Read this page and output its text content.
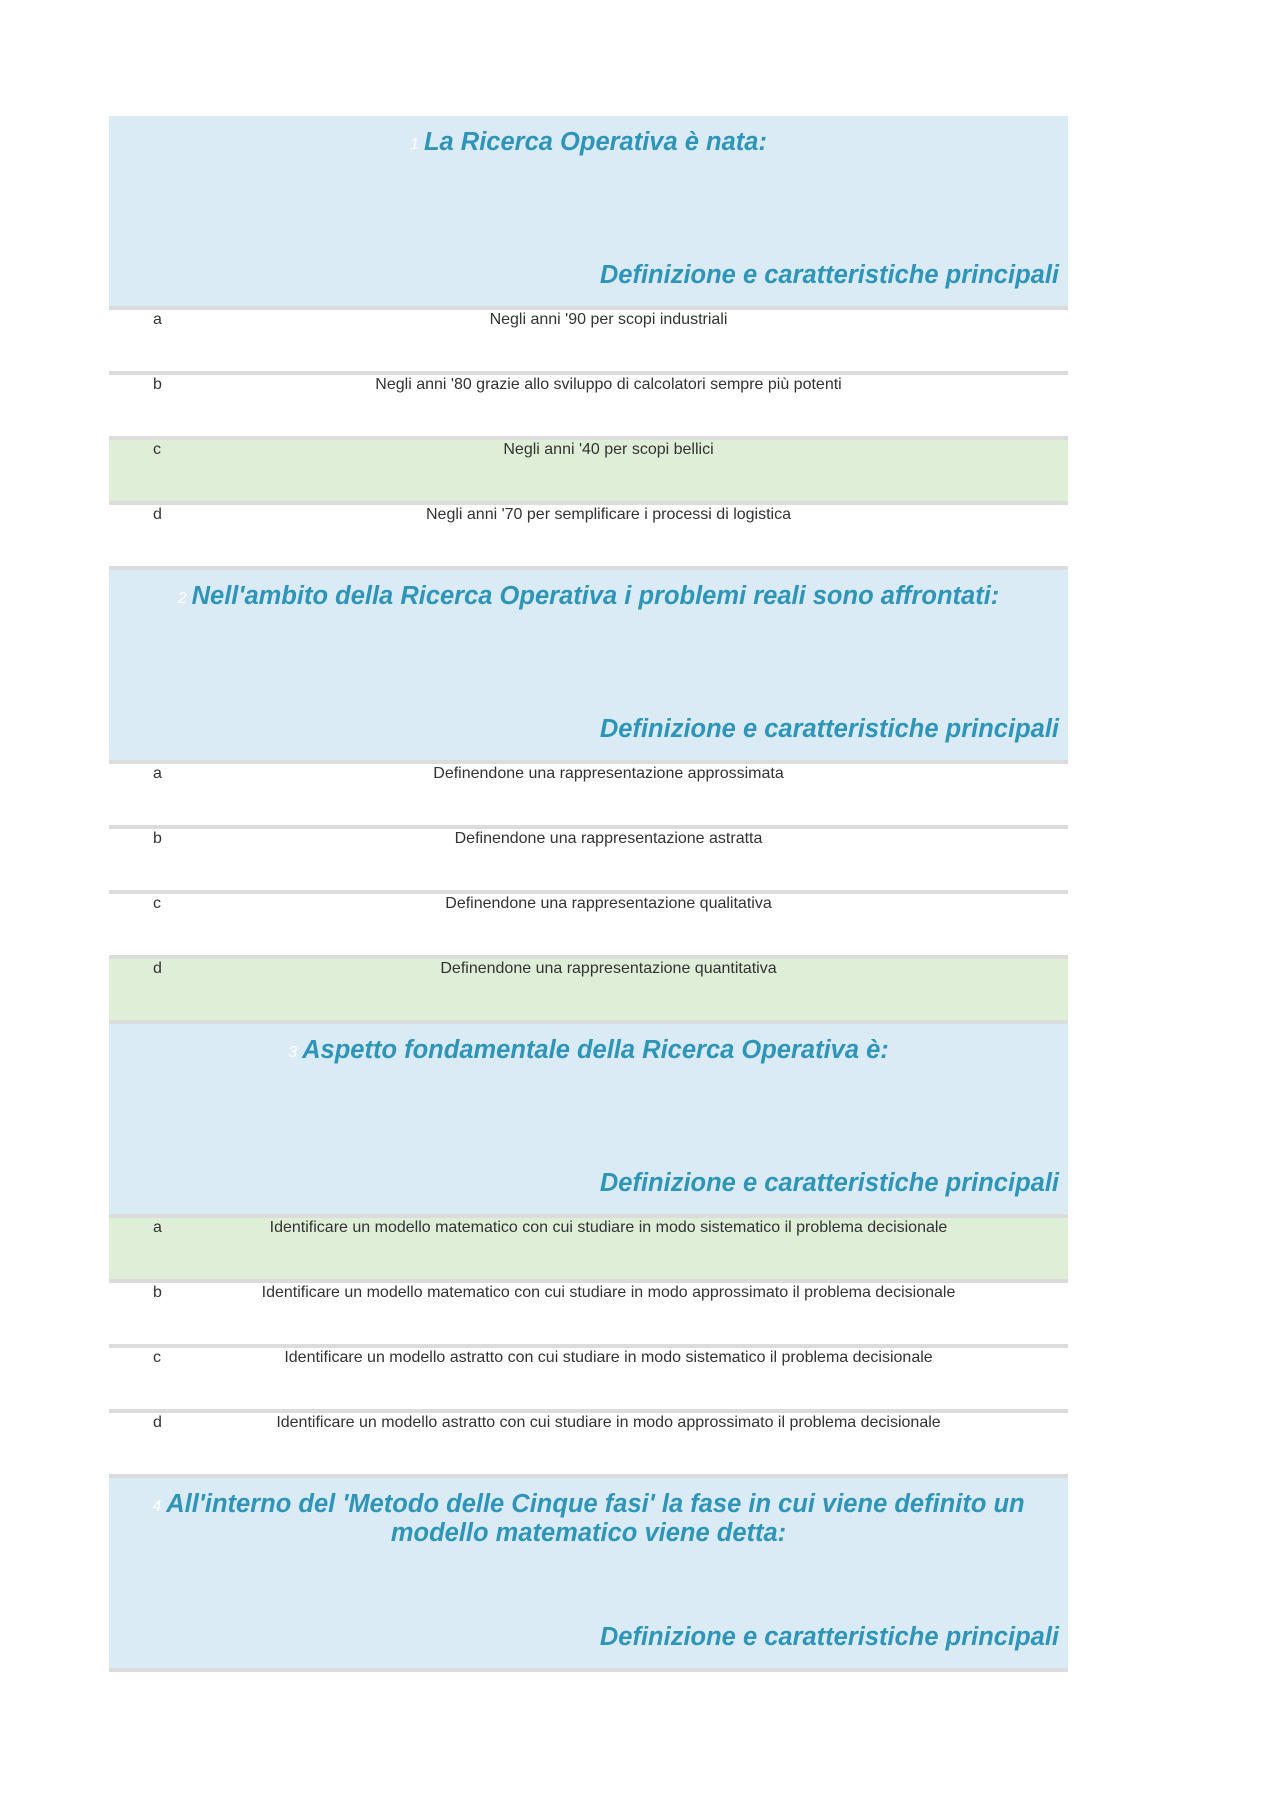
1 La Ricerca Operativa è nata:
Definizione e caratteristiche principali
a	Negli anni '90 per scopi industriali
b	Negli anni '80 grazie allo sviluppo di calcolatori sempre più potenti
c	Negli anni '40 per scopi bellici
d	Negli anni '70 per semplificare i processi di logistica
2 Nell'ambito della Ricerca Operativa i problemi reali sono affrontati:
Definizione e caratteristiche principali
a	Definendone una rappresentazione approssimata
b	Definendone una rappresentazione astratta
c	Definendone una rappresentazione qualitativa
d	Definendone una rappresentazione quantitativa
3 Aspetto fondamentale della Ricerca Operativa è:
Definizione e caratteristiche principali
a	Identificare un modello matematico con cui studiare in modo sistematico il problema decisionale
b	Identificare un modello matematico con cui studiare in modo approssimato il problema decisionale
c	Identificare un modello astratto con cui studiare in modo sistematico il problema decisionale
d	Identificare un modello astratto con cui studiare in modo approssimato il problema decisionale
4 All'interno del 'Metodo delle Cinque fasi' la fase in cui viene definito un modello matematico viene detta:
Definizione e caratteristiche principali
